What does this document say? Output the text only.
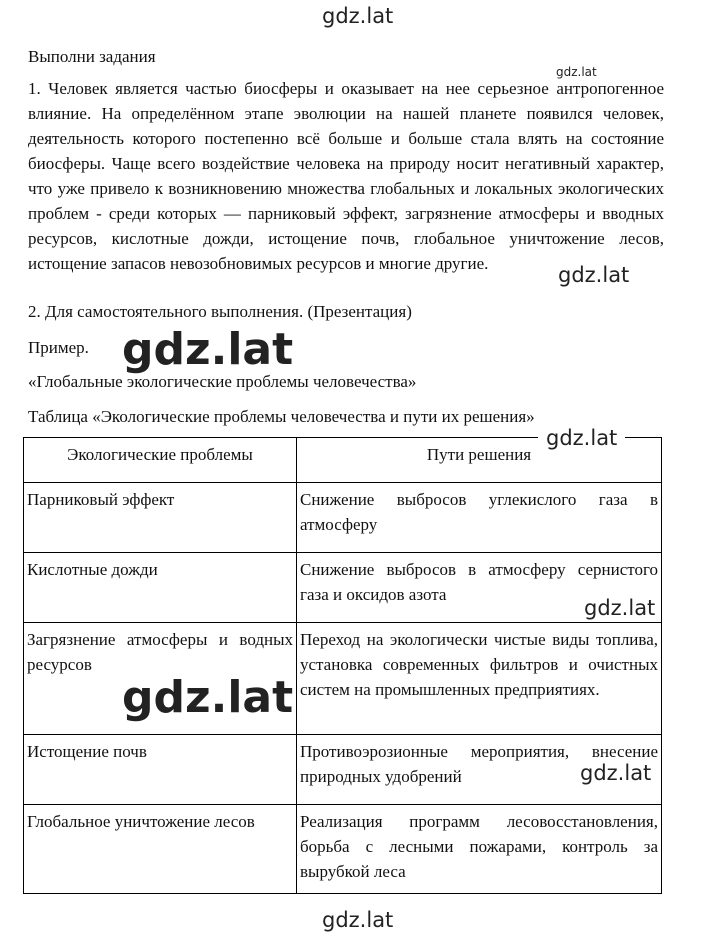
Выполни задания
1. Человек является частью биосферы и оказывает на нее серьезное антропогенное влияние. На определённом этапе эволюции на нашей планете появился человек, деятельность которого постепенно всё больше и больше стала влять на состояние биосферы. Чаще всего воздействие человека на природу носит негативный характер, что уже привело к возникновению множества глобальных и локальных экологических проблем - среди которых — парниковый эффект, загрязнение атмосферы и вводных ресурсов, кислотные дожди, истощение почв, глобальное уничтожение лесов, истощение запасов невозобновимых ресурсов и многие другие.
2. Для самостоятельного выполнения. (Презентация)
Пример.
«Глобальные экологические проблемы человечества»
Таблица «Экологические проблемы человечества и пути их решения»
Экологические проблемы	Пути решения
Парниковый эффект	Снижение выбросов углекислого газа в атмосферу
Кислотные дожди	Снижение выбросов в атмосферу сернистого газа и оксидов азота
Загрязнение атмосферы и водных ресурсов	Переход на экологически чистые виды топлива, установка современных фильтров и очистных систем на промышленных предприятиях.
Истощение почв	Противоэрозионные мероприятия, внесение природных удобрений
Глобальное уничтожение лесов	Реализация программ лесовосстановления, борьба с лесными пожарами, контроль за вырубкой леса
gdz.lat
gdz.lat
gdz.lat
gdz.lat
gdz.lat
gdz.lat
gdz.lat
gdz.lat
gdz.lat
